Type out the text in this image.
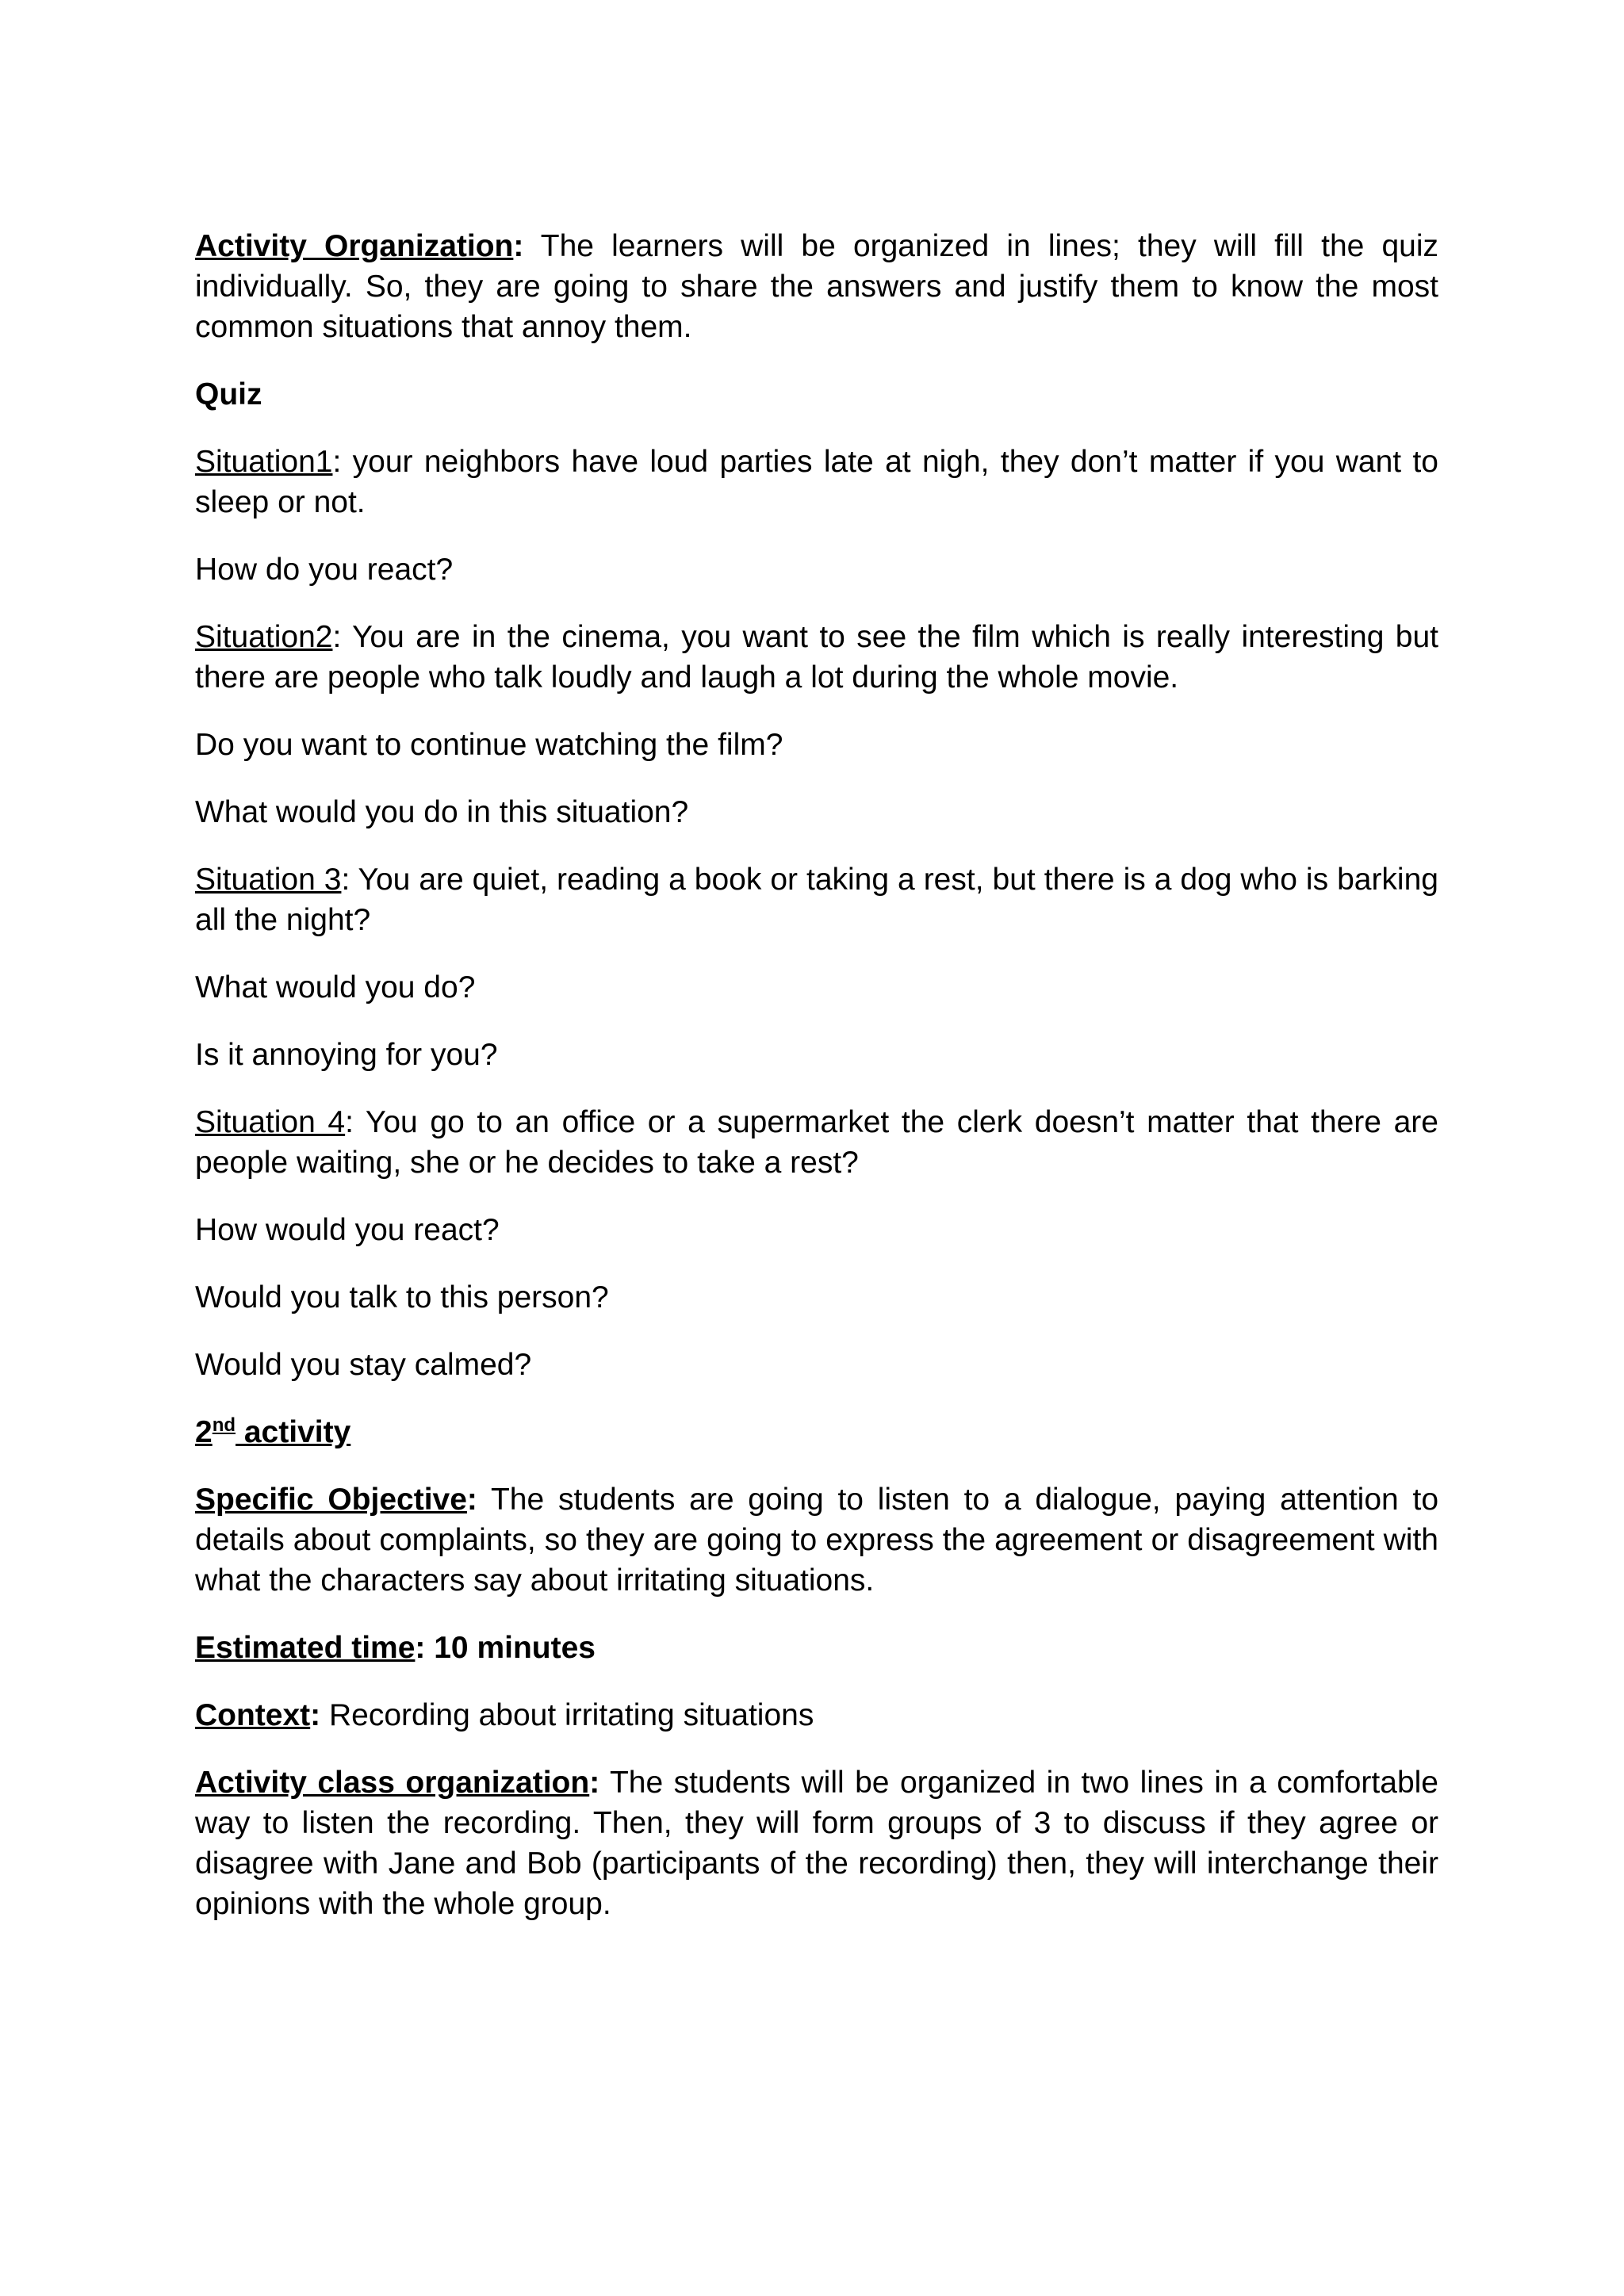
Activity Organization: The learners will be organized in lines; they will fill the quiz individually. So, they are going to share the answers and justify them to know the most common situations that annoy them.

Quiz

Situation1: your neighbors have loud parties late at nigh, they don’t matter if you want to sleep or not.

How do you react?

Situation2: You are in the cinema, you want to see the film which is really interesting but there are people who talk loudly and laugh a lot during the whole movie.

Do you want to continue watching the film?

What would you do in this situation?

Situation 3: You are quiet, reading a book or taking a rest, but there is a dog who is barking all the night?

What would you do?

Is it annoying for you?

Situation 4: You go to an office or a supermarket the clerk doesn’t matter that there are people waiting, she or he decides to take a rest?

How would you react?

Would you talk to this person?

Would you stay calmed?

2nd activity

Specific Objective: The students are going to listen to a dialogue, paying attention to details about complaints, so they are going to express the agreement or disagreement with what the characters say about irritating situations.

Estimated time: 10 minutes

Context: Recording about irritating situations

Activity class organization: The students will be organized in two lines in a comfortable way to listen the recording. Then, they will form groups of 3 to discuss if they agree or disagree with Jane and Bob (participants of the recording) then, they will interchange their opinions with the whole group.
